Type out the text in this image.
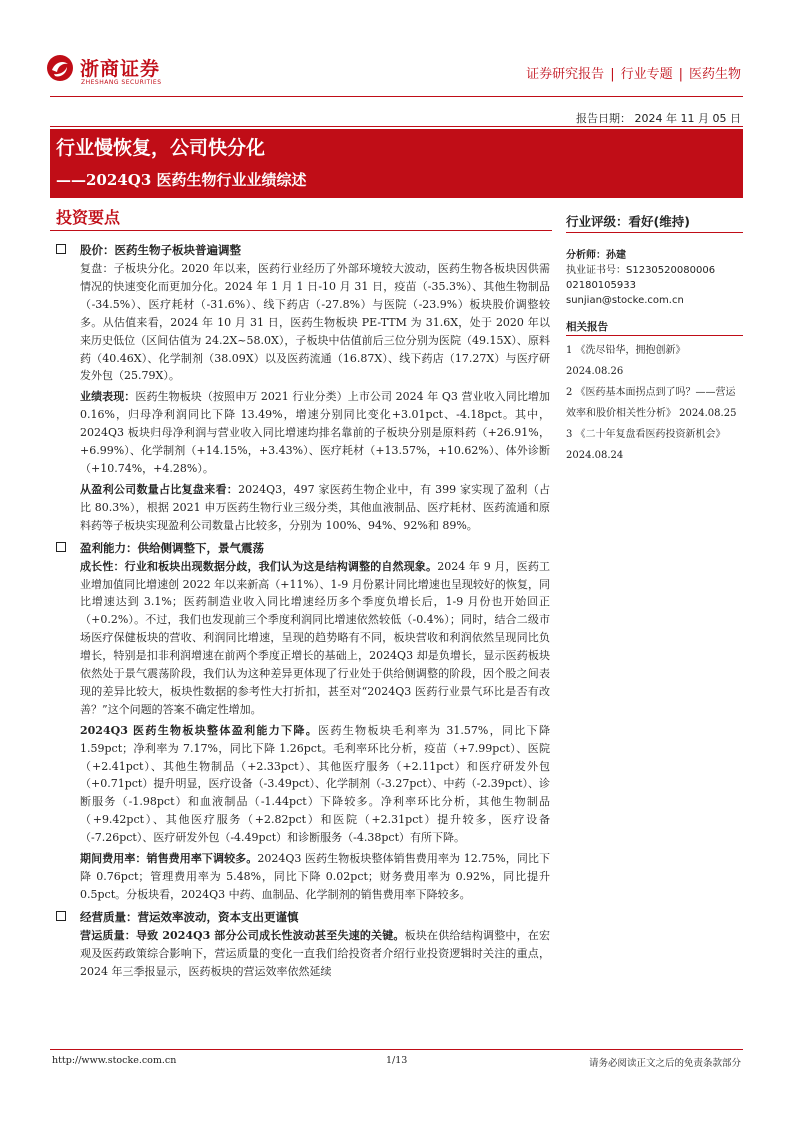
浙商证券
ZHESHANG SECURITIES
证券研究报告 | 行业专题 | 医药生物
报告日期： 2024 年 11 月 05 日
行业慢恢复，公司快分化
——2024Q3 医药生物行业业绩综述
投资要点
股价：医药生物子板块普遍调整

复盘：子板块分化。2020 年以来，医药行业经历了外部环境较大波动，医药生物各板块因供需情况的快速变化而更加分化。2024 年 1 月 1 日-10 月 31 日，疫苗（-35.3%）、其他生物制品（-34.5%）、医疗耗材（-31.6%）、线下药店（-27.8%）与医院（-23.9%）板块股价调整较多。从估值来看，2024 年 10 月 31 日，医药生物板块 PE-TTM 为 31.6X，处于 2020 年以来历史低位（区间估值为 24.2X~58.0X），子板块中估值前后三位分别为医院（49.15X）、原料药（40.46X）、化学制剂（38.09X）以及医药流通（16.87X）、线下药店（17.27X）与医疗研发外包（25.79X）。

业绩表现：医药生物板块（按照申万 2021 行业分类）上市公司 2024 年 Q3 营业收入同比增加 0.16%，归母净利润同比下降 13.49%，增速分别同比变化+3.01pct、-4.18pct。其中，2024Q3 板块归母净利润与营业收入同比增速均排名靠前的子板块分别是原料药（+26.91%，+6.99%）、化学制剂（+14.15%，+3.43%）、医疗耗材（+13.57%，+10.62%）、体外诊断（+10.74%，+4.28%）。

从盈利公司数量占比复盘来看：2024Q3，497 家医药生物企业中，有 399 家实现了盈利（占比 80.3%），根据 2021 申万医药生物行业三级分类，其他血液制品、医疗耗材、医药流通和原料药等子板块实现盈利公司数量占比较多，分别为 100%、94%、92%和 89%。

盈利能力：供给侧调整下，景气震荡

成长性：行业和板块出现数据分歧，我们认为这是结构调整的自然现象。2024 年 9 月，医药工业增加值同比增速创 2022 年以来新高（+11%）、1-9 月份累计同比增速也呈现较好的恢复，同比增速达到 3.1%；医药制造业收入同比增速经历多个季度负增长后，1-9 月份也开始回正（+0.2%）。不过，我们也发现前三个季度利润同比增速依然较低（-0.4%）；同时，结合二级市场医疗保健板块的营收、利润同比增速，呈现的趋势略有不同，板块营收和利润依然呈现同比负增长，特别是扣非利润增速在前两个季度正增长的基础上，2024Q3 却是负增长，显示医药板块依然处于景气震荡阶段，我们认为这种差异更体现了行业处于供给侧调整的阶段，因个股之间表现的差异比较大，板块性数据的参考性大打折扣，甚至对“2024Q3 医药行业景气环比是否有改善？”这个问题的答案不确定性增加。

2024Q3 医药生物板块整体盈利能力下降。医药生物板块毛利率为 31.57%，同比下降 1.59pct；净利率为 7.17%，同比下降 1.26pct。毛利率环比分析，疫苗（+7.99pct）、医院（+2.41pct）、其他生物制品（+2.33pct）、其他医疗服务（+2.11pct）和医疗研发外包（+0.71pct）提升明显，医疗设备（-3.49pct）、化学制剂（-3.27pct）、中药（-2.39pct）、诊断服务（-1.98pct）和血液制品（-1.44pct）下降较多。净利率环比分析，其他生物制品（+9.42pct）、其他医疗服务（+2.82pct）和医院（+2.31pct）提升较多，医疗设备（-7.26pct）、医疗研发外包（-4.49pct）和诊断服务（-4.38pct）有所下降。

期间费用率：销售费用率下调较多。2024Q3 医药生物板块整体销售费用率为 12.75%，同比下降 0.76pct；管理费用率为 5.48%，同比下降 0.02pct；财务费用率为 0.92%，同比提升 0.5pct。分板块看，2024Q3 中药、血制品、化学制剂的销售费用率下降较多。

经营质量：营运效率波动，资本支出更谨慎

营运质量：导致 2024Q3 部分公司成长性波动甚至失速的关键。板块在供给结构调整中，在宏观及医药政策综合影响下，营运质量的变化一直我们给投资者介绍行业投资逻辑时关注的重点，2024 年三季报显示，医药板块的营运效率依然延续

行业评级：看好(维持)
分析师：孙建
执业证书号：S1230520080006
02180105933
sunjian@stocke.com.cn
相关报告

1 《洗尽铅华，拥抱创新》 2024.08.26

2 《医药基本面拐点到了吗？——营运效率和股价相关性分析》 2024.08.25

3 《二十年复盘看医药投资新机会》 2024.08.24

http://www.stocke.com.cn	1/13	请务必阅读正文之后的免责条款部分
